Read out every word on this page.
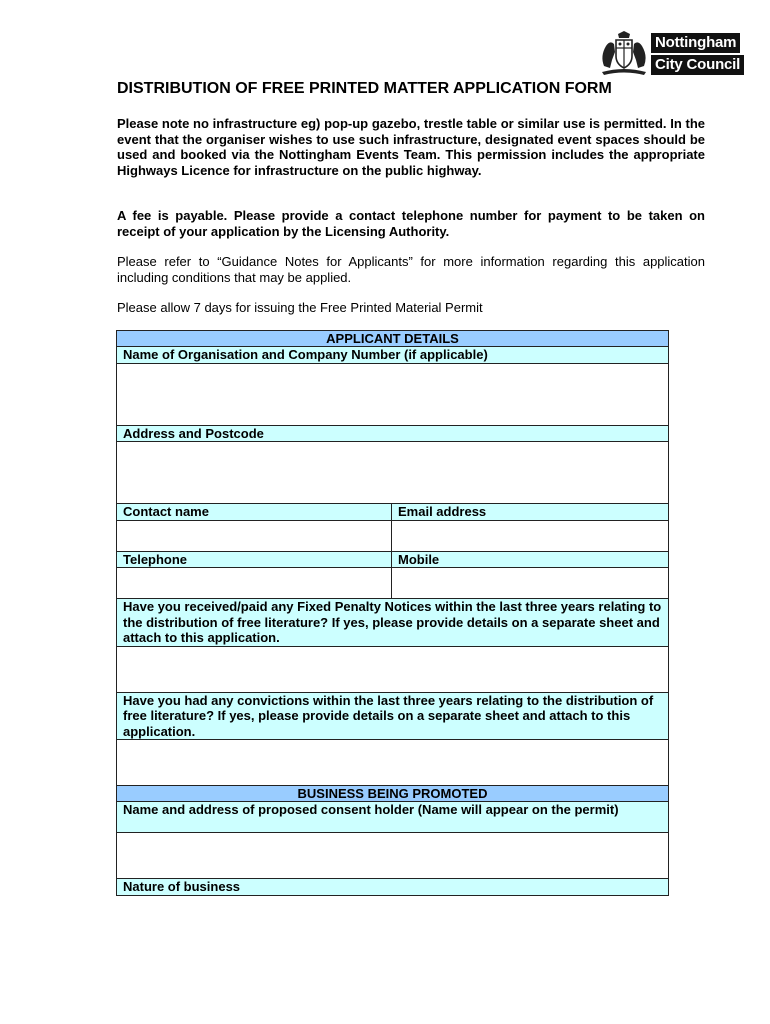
Nottingham
City Council
DISTRIBUTION OF FREE PRINTED MATTER APPLICATION FORM

Please note no infrastructure eg) pop-up gazebo, trestle table or similar use is permitted. In the event that the organiser wishes to use such infrastructure, designated event spaces should be used and booked via the Nottingham Events Team. This permission includes the appropriate Highways Licence for infrastructure on the public highway.

A fee is payable. Please provide a contact telephone number for payment to be taken on receipt of your application by the Licensing Authority.

Please refer to “Guidance Notes for Applicants” for more information regarding this application including conditions that may be applied.

Please allow 7 days for issuing the Free Printed Material Permit

APPLICANT DETAILS	
Name of Organisation and Company Number (if applicable)	

Address and Postcode	

Contact name	Email address

Telephone	Mobile

Have you received/paid any Fixed Penalty Notices within the last three years relating to the distribution of free literature? If yes, please provide details on a separate sheet and attach to this application.	

Have you had any convictions within the last three years relating to the distribution of free literature? If yes, please provide details on a separate sheet and attach to this application.	

BUSINESS BEING PROMOTED	
Name and address of proposed consent holder (Name will appear on the permit)	

Nature of business	
